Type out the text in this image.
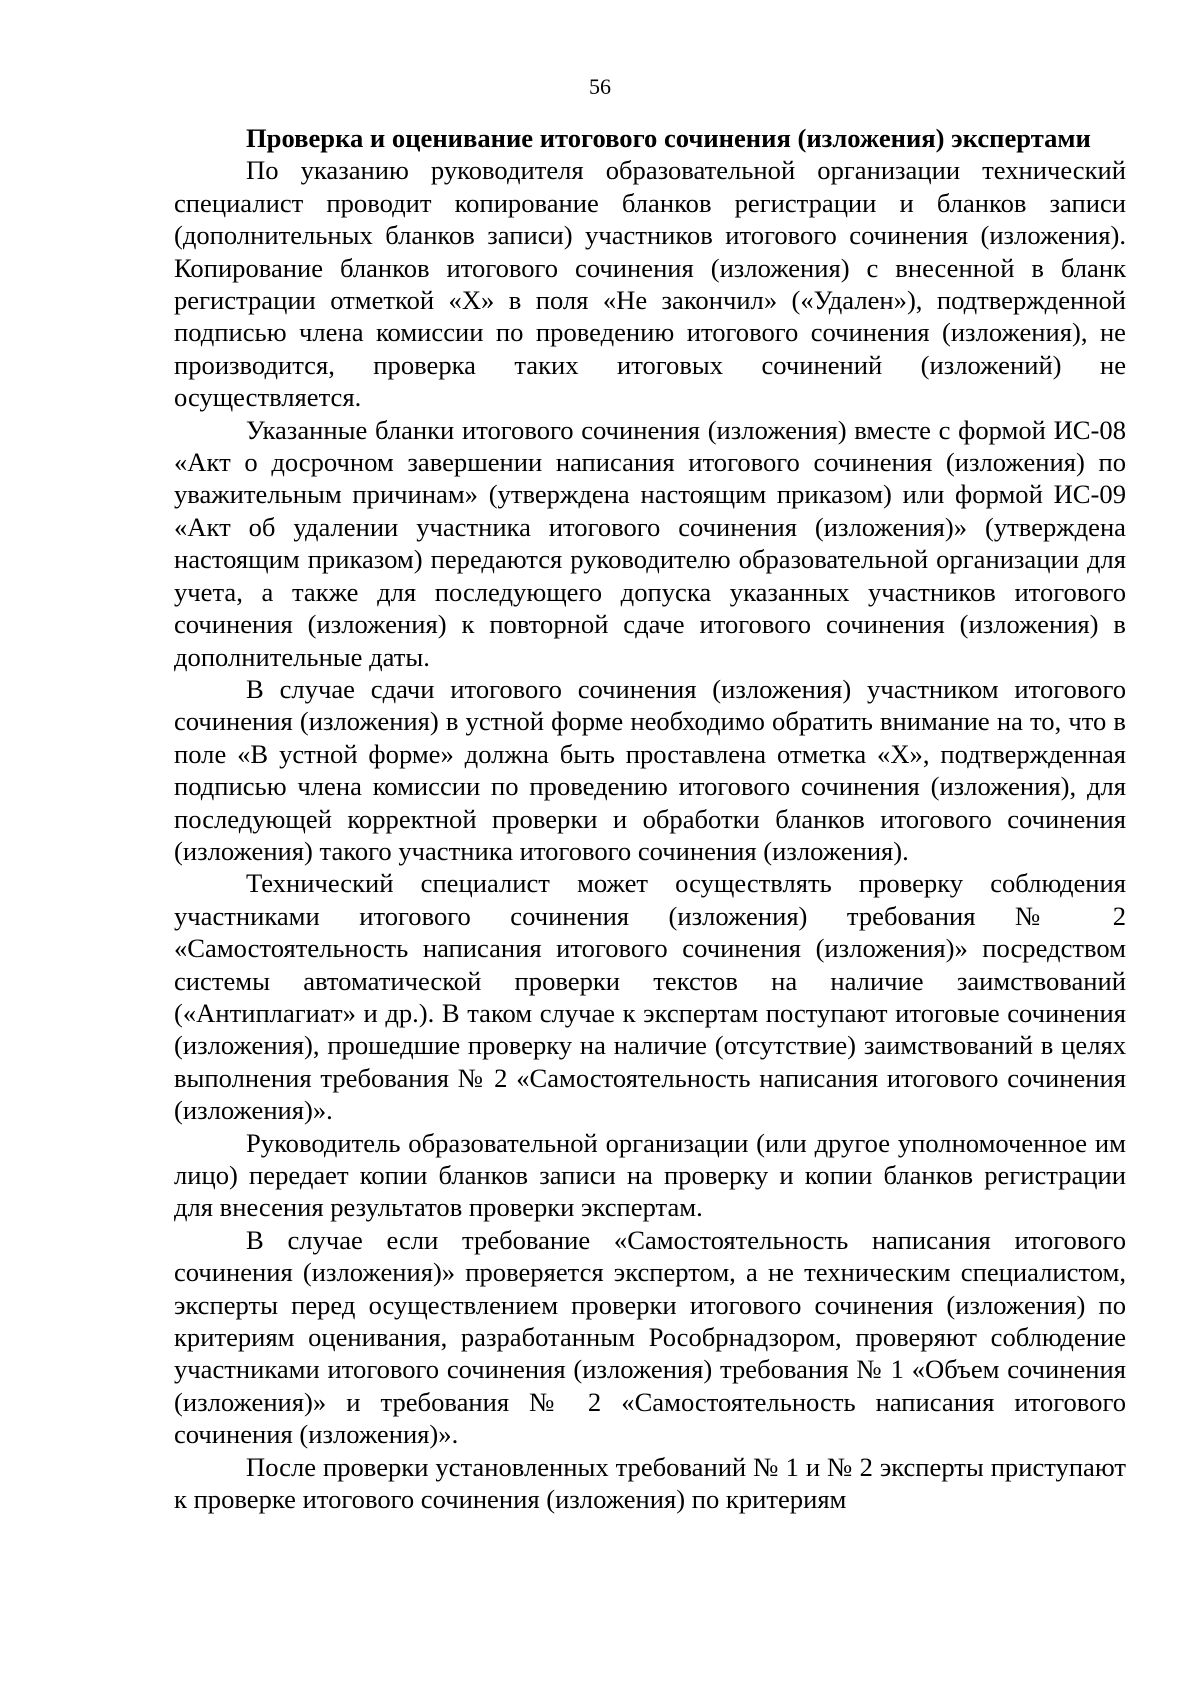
56

Проверка и оценивание итогового сочинения (изложения) экспертами

По указанию руководителя образовательной организации технический специалист проводит копирование бланков регистрации и бланков записи (дополнительных бланков записи) участников итогового сочинения (изложения). Копирование бланков итогового сочинения (изложения) с внесенной в бланк регистрации отметкой «Х» в поля «Не закончил» («Удален»), подтвержденной подписью члена комиссии по проведению итогового сочинения (изложения), не производится, проверка таких итоговых сочинений (изложений) не осуществляется.

Указанные бланки итогового сочинения (изложения) вместе с формой ИС-08 «Акт о досрочном завершении написания итогового сочинения (изложения) по уважительным причинам» (утверждена настоящим приказом) или формой ИС-09 «Акт об удалении участника итогового сочинения (изложения)» (утверждена настоящим приказом) передаются руководителю образовательной организации для учета, а также для последующего допуска указанных участников итогового сочинения (изложения) к повторной сдаче итогового сочинения (изложения) в дополнительные даты.

В случае сдачи итогового сочинения (изложения) участником итогового сочинения (изложения) в устной форме необходимо обратить внимание на то, что в поле «В устной форме» должна быть проставлена отметка «Х», подтвержденная подписью члена комиссии по проведению итогового сочинения (изложения), для последующей корректной проверки и обработки бланков итогового сочинения (изложения) такого участника итогового сочинения (изложения).

Технический специалист может осуществлять проверку соблюдения участниками итогового сочинения (изложения) требования № 2 «Самостоятельность написания итогового сочинения (изложения)» посредством системы автоматической проверки текстов на наличие заимствований («Антиплагиат» и др.). В таком случае к экспертам поступают итоговые сочинения (изложения), прошедшие проверку на наличие (отсутствие) заимствований в целях выполнения требования № 2 «Самостоятельность написания итогового сочинения (изложения)».

Руководитель образовательной организации (или другое уполномоченное им лицо) передает копии бланков записи на проверку и копии бланков регистрации для внесения результатов проверки экспертам.

В случае если требование «Самостоятельность написания итогового сочинения (изложения)» проверяется экспертом, а не техническим специалистом, эксперты перед осуществлением проверки итогового сочинения (изложения) по критериям оценивания, разработанным Рособрнадзором, проверяют соблюдение участниками итогового сочинения (изложения) требования № 1 «Объем сочинения (изложения)» и требования № 2 «Самостоятельность написания итогового сочинения (изложения)».

После проверки установленных требований № 1 и № 2 эксперты приступают к проверке итогового сочинения (изложения) по критериям
